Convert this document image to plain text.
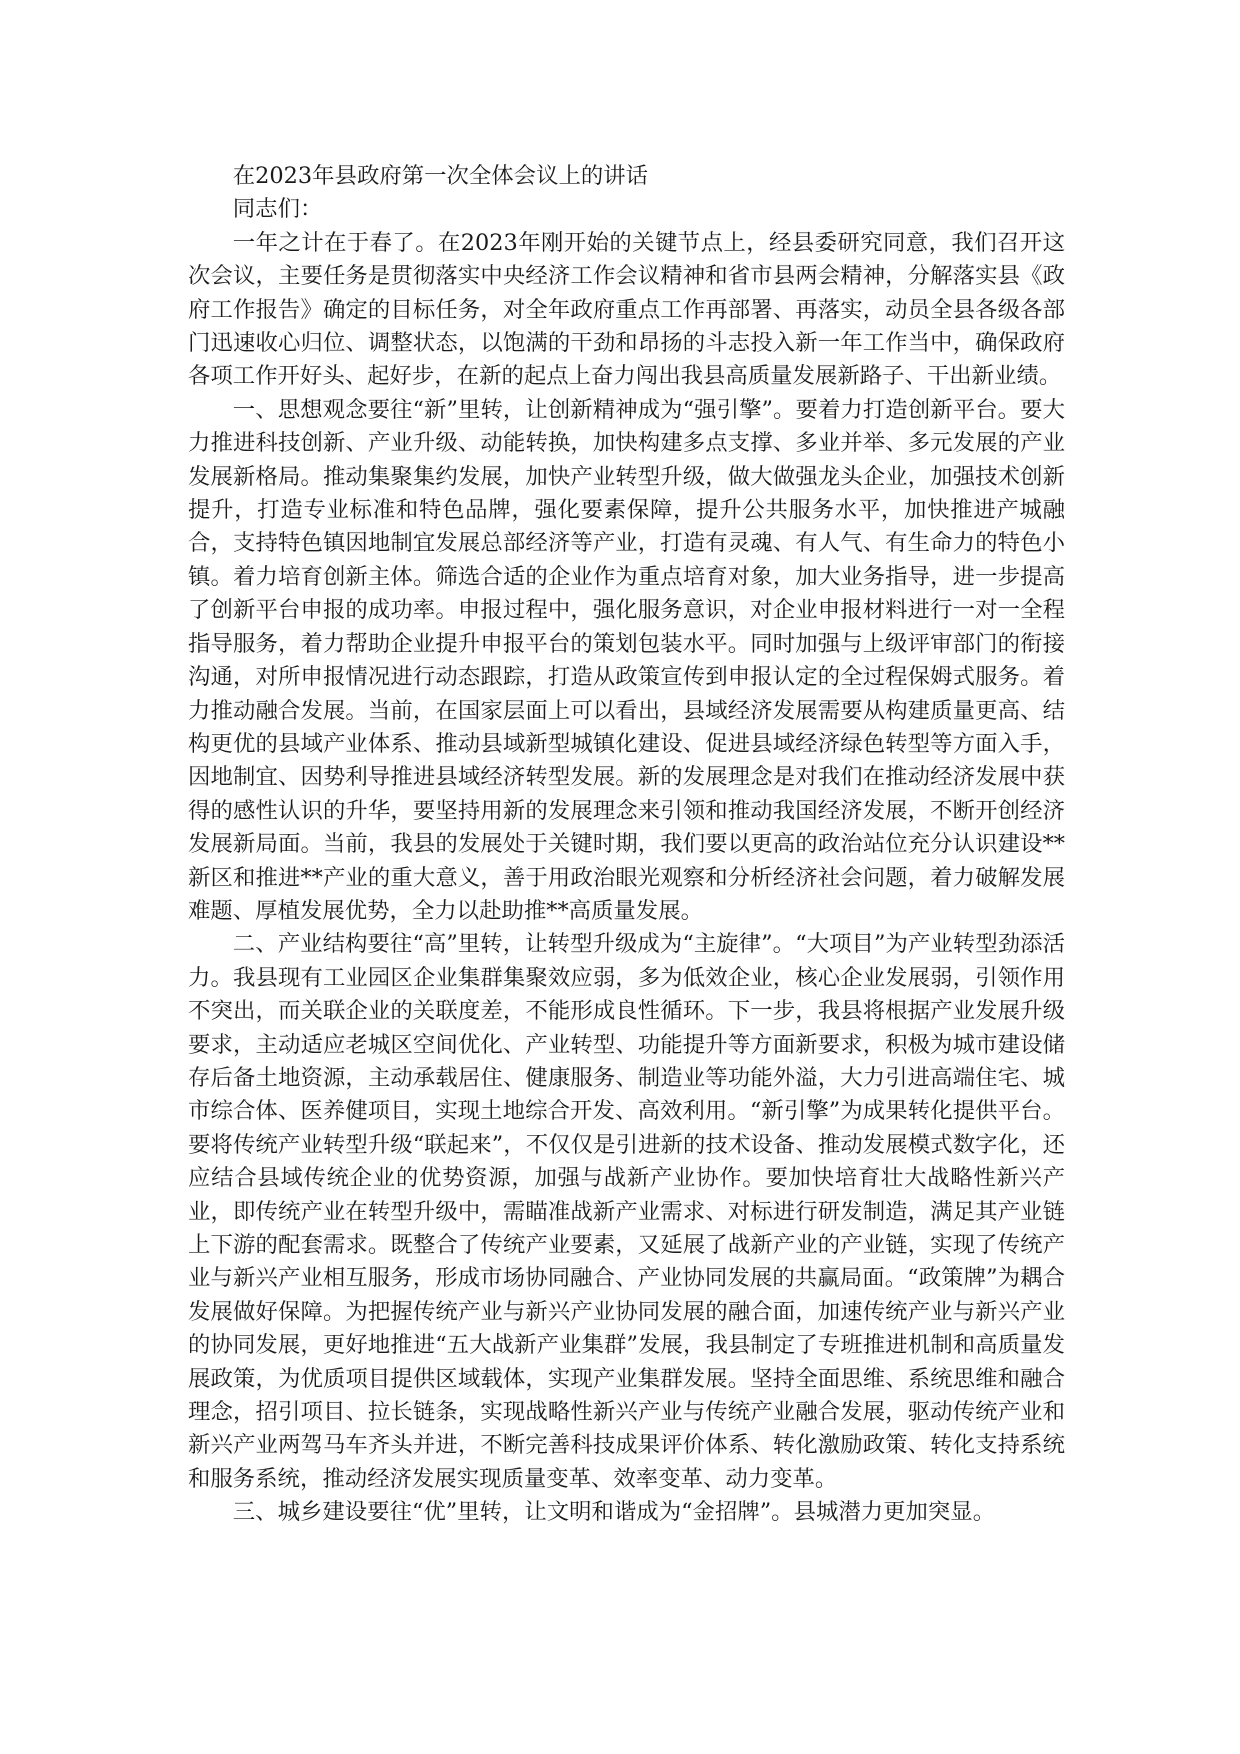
在2023年县政府第一次全体会议上的讲话

同志们：

一年之计在于春了。在2023年刚开始的关键节点上，经县委研究同意，我们召开这次会议，主要任务是贯彻落实中央经济工作会议精神和省市县两会精神，分解落实县《政府工作报告》确定的目标任务，对全年政府重点工作再部署、再落实，动员全县各级各部门迅速收心归位、调整状态，以饱满的干劲和昂扬的斗志投入新一年工作当中，确保政府各项工作开好头、起好步，在新的起点上奋力闯出我县高质量发展新路子、干出新业绩。

一、思想观念要往“新”里转，让创新精神成为“强引擎”。要着力打造创新平台。要大力推进科技创新、产业升级、动能转换，加快构建多点支撑、多业并举、多元发展的产业发展新格局。推动集聚集约发展，加快产业转型升级，做大做强龙头企业，加强技术创新提升，打造专业标准和特色品牌，强化要素保障，提升公共服务水平，加快推进产城融合，支持特色镇因地制宜发展总部经济等产业，打造有灵魂、有人气、有生命力的特色小镇。着力培育创新主体。筛选合适的企业作为重点培育对象，加大业务指导，进一步提高了创新平台申报的成功率。申报过程中，强化服务意识，对企业申报材料进行一对一全程指导服务，着力帮助企业提升申报平台的策划包装水平。同时加强与上级评审部门的衔接沟通，对所申报情况进行动态跟踪，打造从政策宣传到申报认定的全过程保姆式服务。着力推动融合发展。当前，在国家层面上可以看出，县域经济发展需要从构建质量更高、结构更优的县域产业体系、推动县域新型城镇化建设、促进县域经济绿色转型等方面入手，因地制宜、因势利导推进县域经济转型发展。新的发展理念是对我们在推动经济发展中获得的感性认识的升华，要坚持用新的发展理念来引领和推动我国经济发展，不断开创经济发展新局面。当前，我县的发展处于关键时期，我们要以更高的政治站位充分认识建设**新区和推进**产业的重大意义，善于用政治眼光观察和分析经济社会问题，着力破解发展难题、厚植发展优势，全力以赴助推**高质量发展。

二、产业结构要往“高”里转，让转型升级成为“主旋律”。“大项目”为产业转型劲添活力。我县现有工业园区企业集群集聚效应弱，多为低效企业，核心企业发展弱，引领作用不突出，而关联企业的关联度差，不能形成良性循环。下一步，我县将根据产业发展升级要求，主动适应老城区空间优化、产业转型、功能提升等方面新要求，积极为城市建设储存后备土地资源，主动承载居住、健康服务、制造业等功能外溢，大力引进高端住宅、城市综合体、医养健项目，实现土地综合开发、高效利用。“新引擎”为成果转化提供平台。要将传统产业转型升级“联起来”，不仅仅是引进新的技术设备、推动发展模式数字化，还应结合县域传统企业的优势资源，加强与战新产业协作。要加快培育壮大战略性新兴产业，即传统产业在转型升级中，需瞄准战新产业需求、对标进行研发制造，满足其产业链上下游的配套需求。既整合了传统产业要素，又延展了战新产业的产业链，实现了传统产业与新兴产业相互服务，形成市场协同融合、产业协同发展的共赢局面。“政策牌”为耦合发展做好保障。为把握传统产业与新兴产业协同发展的融合面，加速传统产业与新兴产业的协同发展，更好地推进“五大战新产业集群”发展，我县制定了专班推进机制和高质量发展政策，为优质项目提供区域载体，实现产业集群发展。坚持全面思维、系统思维和融合理念，招引项目、拉长链条，实现战略性新兴产业与传统产业融合发展，驱动传统产业和新兴产业两驾马车齐头并进，不断完善科技成果评价体系、转化激励政策、转化支持系统和服务系统，推动经济发展实现质量变革、效率变革、动力变革。

三、城乡建设要往“优”里转，让文明和谐成为“金招牌”。县城潜力更加突显。
